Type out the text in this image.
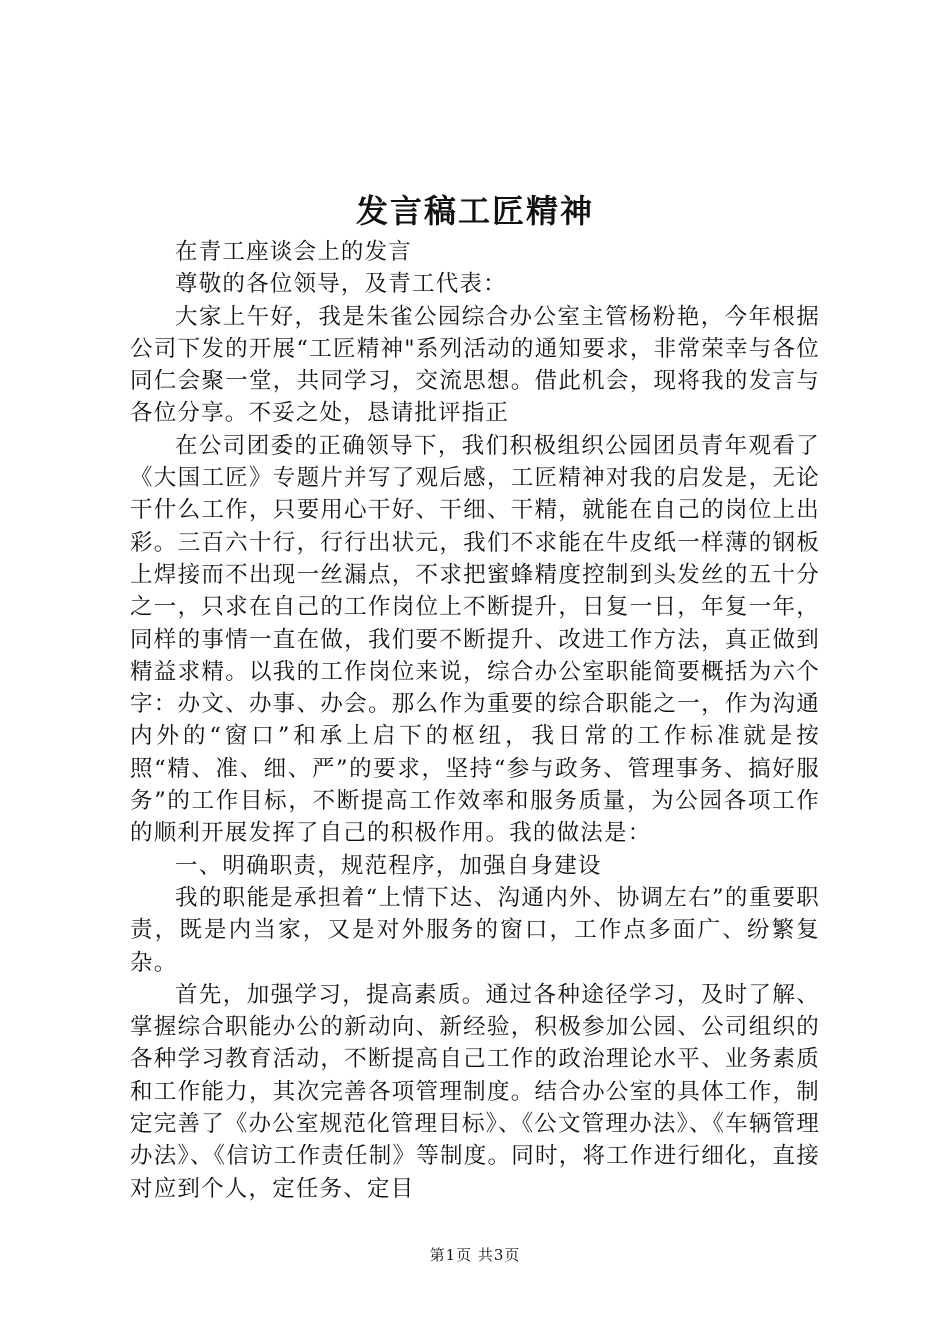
发言稿工匠精神

在青工座谈会上的发言

尊敬的各位领导，及青工代表：

大家上午好，我是朱雀公园综合办公室主管杨粉艳，今年根据公司下发的开展“工匠精神"系列活动的通知要求，非常荣幸与各位同仁会聚一堂，共同学习，交流思想。借此机会，现将我的发言与各位分享。不妥之处，恳请批评指正

在公司团委的正确领导下，我们积极组织公园团员青年观看了《大国工匠》专题片并写了观后感，工匠精神对我的启发是，无论干什么工作，只要用心干好、干细、干精，就能在自己的岗位上出彩。三百六十行，行行出状元，我们不求能在牛皮纸一样薄的钢板上焊接而不出现一丝漏点，不求把蜜蜂精度控制到头发丝的五十分之一，只求在自己的工作岗位上不断提升，日复一日，年复一年，同样的事情一直在做，我们要不断提升、改进工作方法，真正做到精益求精。以我的工作岗位来说，综合办公室职能简要概括为六个字：办文、办事、办会。那么作为重要的综合职能之一，作为沟通内外的“窗口”和承上启下的枢纽，我日常的工作标准就是按照“精、准、细、严”的要求，坚持“参与政务、管理事务、搞好服务”的工作目标，不断提高工作效率和服务质量，为公园各项工作的顺利开展发挥了自己的积极作用。我的做法是：

一、明确职责，规范程序，加强自身建设

我的职能是承担着“上情下达、沟通内外、协调左右”的重要职责，既是内当家，又是对外服务的窗口，工作点多面广、纷繁复杂。

首先，加强学习，提高素质。通过各种途径学习，及时了解、掌握综合职能办公的新动向、新经验，积极参加公园、公司组织的各种学习教育活动，不断提高自己工作的政治理论水平、业务素质和工作能力，其次完善各项管理制度。结合办公室的具体工作，制定完善了《办公室规范化管理目标》、《公文管理办法》、《车辆管理办法》、《信访工作责任制》等制度。同时，将工作进行细化，直接对应到个人，定任务、定目

第1页 共3页
